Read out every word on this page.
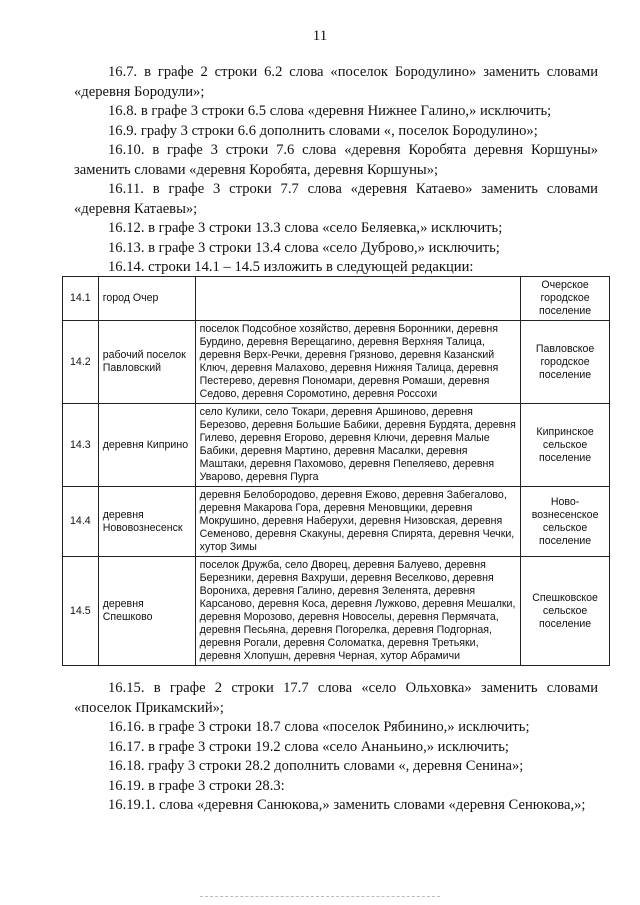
11

16.7. в графе 2 строки 6.2 слова «поселок Бородулино» заменить словами «деревня Бородули»;

16.8. в графе 3 строки 6.5 слова «деревня Нижнее Галино,» исключить;

16.9. графу 3 строки 6.6 дополнить словами «, поселок Бородулино»;

16.10. в графе 3 строки 7.6 слова «деревня Коробята деревня Коршуны» заменить словами «деревня Коробята, деревня Коршуны»;

16.11. в графе 3 строки 7.7 слова «деревня Катаево» заменить словами «деревня Катаевы»;

16.12. в графе 3 строки 13.3 слова «село Беляевка,» исключить;

16.13. в графе 3 строки 13.4 слова «село Дуброво,» исключить;

16.14. строки 14.1 – 14.5 изложить в следующей редакции:

14.1	город Очер		Очерское городское поселение
14.2	рабочий поселок Павловский	поселок Подсобное хозяйство, деревня Боронники, деревня Бурдино, деревня Верещагино, деревня Верхняя Талица, деревня Верх-Речки, деревня Грязново, деревня Казанский Ключ, деревня Малахово, деревня Нижняя Талица, деревня Пестерево, деревня Пономари, деревня Ромаши, деревня Седово, деревня Соромотино, деревня Россохи	Павловское городское поселение
14.3	деревня Киприно	село Кулики, село Токари, деревня Аршиново, деревня Березово, деревня Большие Бабики, деревня Бурдята, деревня Гилево, деревня Егорово, деревня Ключи, деревня Малые Бабики, деревня Мартино, деревня Масалки, деревня Маштаки, деревня Пахомово, деревня Пепеляево, деревня Уварово, деревня Пурга	Кипринское сельское поселение
14.4	деревня Нововознесенск	деревня Белобородово, деревня Ежово, деревня Забегалово, деревня Макарова Гора, деревня Меновщики, деревня Мокрушино, деревня Наберухи, деревня Низовская, деревня Семеново, деревня Скакуны, деревня Спирята, деревня Чечки, хутор Зимы	Ново-вознесенское сельское поселение
14.5	деревня Спешково	поселок Дружба, село Дворец, деревня Балуево, деревня Березники, деревня Вахруши, деревня Веселково, деревня Ворониха, деревня Галино, деревня Зеленята, деревня Карсаново, деревня Коса, деревня Лужково, деревня Мешалки, деревня Морозово, деревня Новоселы, деревня Пермячата, деревня Песьяна, деревня Погорелка, деревня Подгорная, деревня Рогали, деревня Соломатка, деревня Третьяки, деревня Хлопушн, деревня Черная, хутор Абрамичи	Спешковское сельское поселение

16.15. в графе 2 строки 17.7 слова «село Ольховка» заменить словами «поселок Прикамский»;

16.16. в графе 3 строки 18.7 слова «поселок Рябинино,» исключить;

16.17. в графе 3 строки 19.2 слова «село Ананьино,» исключить;

16.18. графу 3 строки 28.2 дополнить словами «, деревня Сенина»;

16.19. в графе 3 строки 28.3:

16.19.1. слова «деревня Санюкова,» заменить словами «деревня Сенюкова,»;
